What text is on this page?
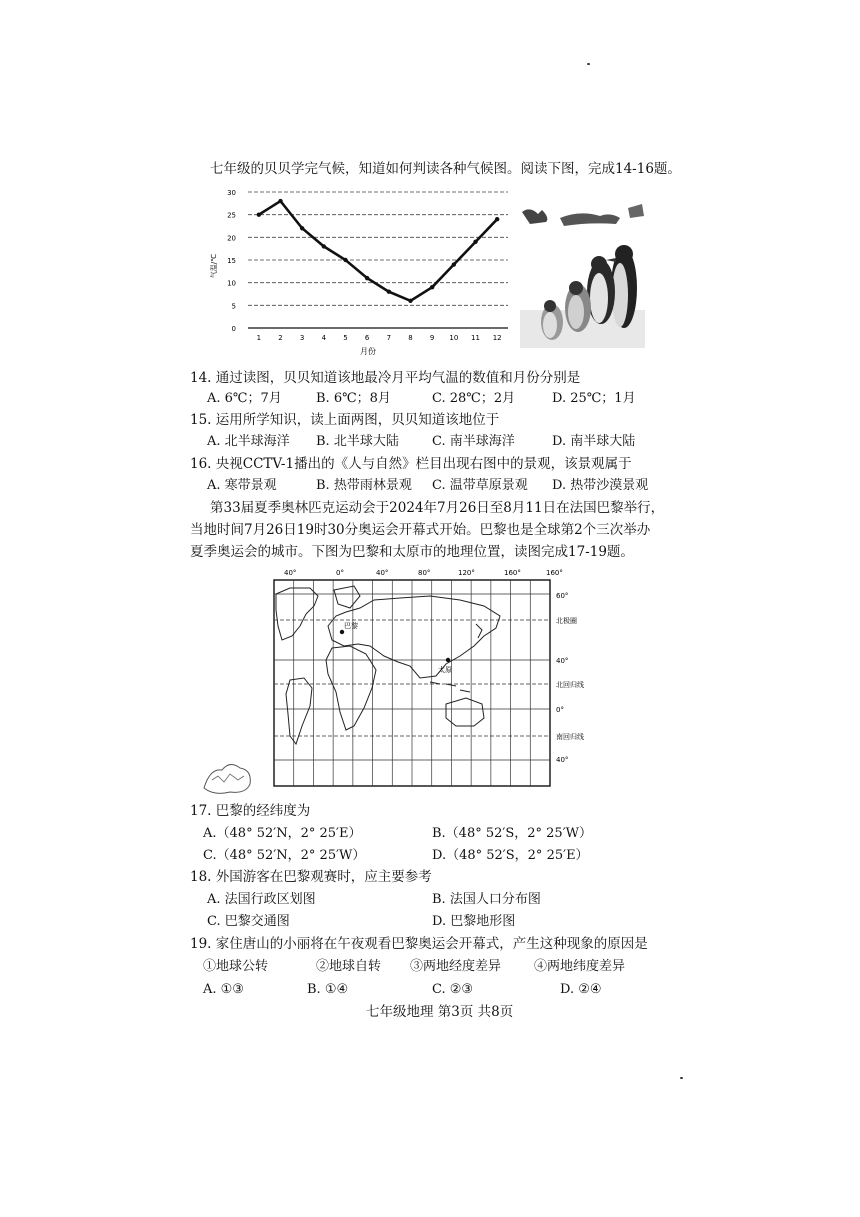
七年级的贝贝学完气候，知道如何判读各种气候图。阅读下图，完成14-16题。
0
5
10
15
20
25
30
1 2 3 4 5 6 7 8 9 10 11 12
气温/℃
月份
14. 通过读图，贝贝知道该地最冷月平均气温的数值和月份分别是
A. 6℃；7月	B. 6℃；8月	C. 28℃；2月	D. 25℃；1月
15. 运用所学知识，读上面两图，贝贝知道该地位于
A. 北半球海洋 B. 北半球大陆	C. 南半球海洋	D. 南半球大陆
16. 央视CCTV-1播出的《人与自然》栏目出现右图中的景观，该景观属于
A. 寒带景观	B. 热带雨林景观 C. 温带草原景观 D. 热带沙漠景观
第33届夏季奥林匹克运动会于2024年7月26日至8月11日在法国巴黎举行，
当地时间7月26日19时30分奥运会开幕式开始。巴黎也是全球第2个三次举办
夏季奥运会的城市。下图为巴黎和太原市的地理位置，读图完成17-19题。
巴黎
太原
40°	0°	40°	80°	120°	160°	160°
60°
北极圈
40°
北回归线
0°
南回归线
40°
17. 巴黎的经纬度为
A.（48° 52′N，2° 25′E）	B.（48° 52′S，2° 25′W）
C.（48° 52′N，2° 25′W）	D.（48° 52′S，2° 25′E）
18. 外国游客在巴黎观赛时，应主要参考
A. 法国行政区划图	B. 法国人口分布图
C. 巴黎交通图	D. 巴黎地形图
19. 家住唐山的小丽将在午夜观看巴黎奥运会开幕式，产生这种现象的原因是
①地球公转	②地球自转 ③两地经度差异	④两地纬度差异
A. ①③	B. ①④	C. ②③	D. ②④
七年级地理 第3页 共8页
